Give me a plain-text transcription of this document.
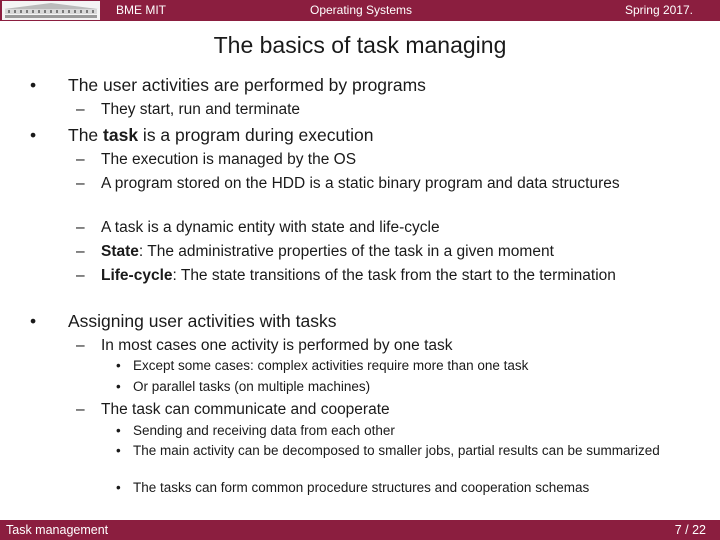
BME MIT	Operating Systems	Spring 2017.
The basics of task managing
• The user activities are performed by programs
– They start, run and terminate
• The task is a program during execution
– The execution is managed by the OS
– A program stored on the HDD is a static binary program and data structures
– A task is a dynamic entity with state and life-cycle
– State: The administrative properties of the task in a given moment
– Life-cycle: The state transitions of the task from the start to the termination
• Assigning user activities with tasks
– In most cases one activity is performed by one task
• Except some cases: complex activities require more than one task
• Or parallel tasks (on multiple machines)
– The task can communicate and cooperate
• Sending and receiving data from each other
• The main activity can be decomposed to smaller jobs, partial results can be summarized
• The tasks can form common procedure structures and cooperation schemas
Task management	7 / 22
